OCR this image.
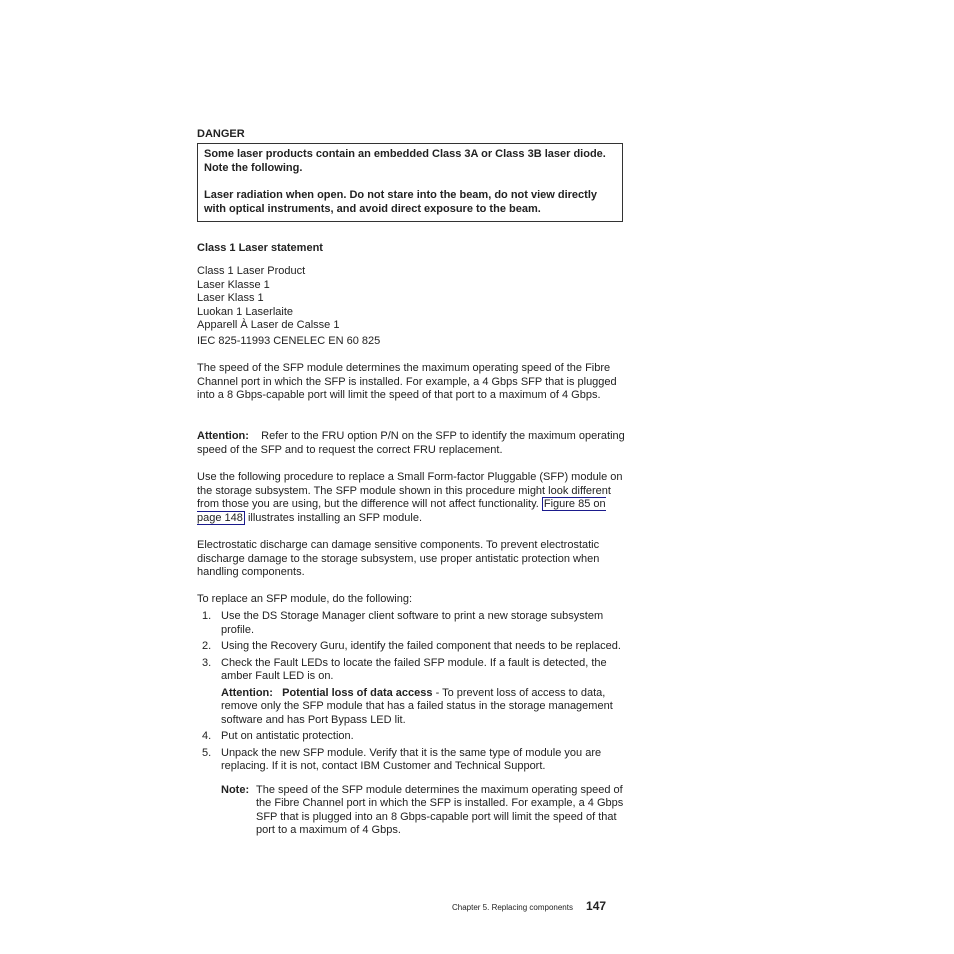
DANGER

Some laser products contain an embedded Class 3A or Class 3B laser diode. Note the following.

Laser radiation when open. Do not stare into the beam, do not view directly with optical instruments, and avoid direct exposure to the beam.

Class 1 Laser statement
Class 1 Laser Product
Laser Klasse 1
Laser Klass 1
Luokan 1 Laserlaite
Apparell À Laser de Calsse 1
IEC 825-11993 CENELEC EN 60 825

The speed of the SFP module determines the maximum operating speed of the Fibre Channel port in which the SFP is installed. For example, a 4 Gbps SFP that is plugged into a 8 Gbps-capable port will limit the speed of that port to a maximum of 4 Gbps.

Attention: Refer to the FRU option P/N on the SFP to identify the maximum operating speed of the SFP and to request the correct FRU replacement.

Use the following procedure to replace a Small Form-factor Pluggable (SFP) module on the storage subsystem. The SFP module shown in this procedure might look different from those you are using, but the difference will not affect functionality. Figure 85 on page 148 illustrates installing an SFP module.

Electrostatic discharge can damage sensitive components. To prevent electrostatic discharge damage to the storage subsystem, use proper antistatic protection when handling components.

To replace an SFP module, do the following:

1. Use the DS Storage Manager client software to print a new storage subsystem profile.
2. Using the Recovery Guru, identify the failed component that needs to be replaced.
3. Check the Fault LEDs to locate the failed SFP module. If a fault is detected, the amber Fault LED is on.
Attention: Potential loss of data access - To prevent loss of access to data, remove only the SFP module that has a failed status in the storage management software and has Port Bypass LED lit.
4. Put on antistatic protection.
5. Unpack the new SFP module. Verify that it is the same type of module you are replacing. If it is not, contact IBM Customer and Technical Support.
Note: The speed of the SFP module determines the maximum operating speed of the Fibre Channel port in which the SFP is installed. For example, a 4 Gbps SFP that is plugged into an 8 Gbps-capable port will limit the speed of that port to a maximum of 4 Gbps.
Chapter 5. Replacing components 147
